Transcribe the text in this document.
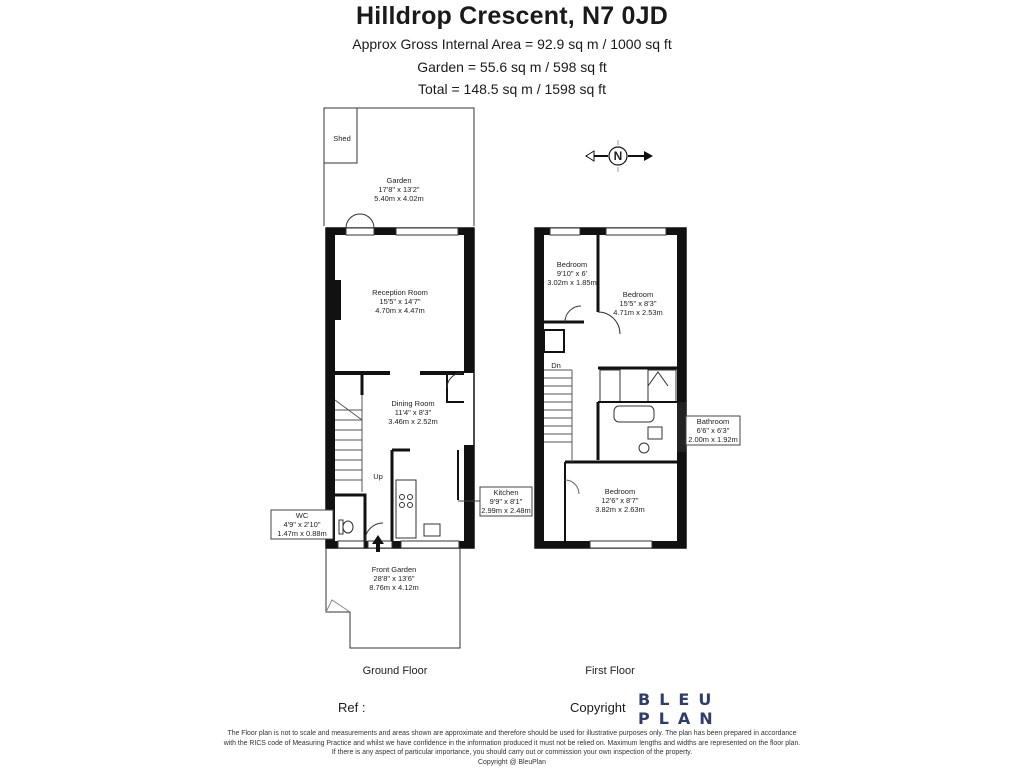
Hilldrop Crescent, N7 0JD
Approx Gross Internal Area = 92.9 sq m / 1000 sq ft
Garden = 55.6 sq m / 598 sq ft
Total = 148.5 sq m / 1598 sq ft
N
Shed
Garden
17'8" x 13'2"
5.40m x 4.02m
Reception Room
15'5" x 14'7"
4.70m x 4.47m
Dining Room
11'4" x 8'3"
3.46m x 2.52m
Up
Kitchen
9'9" x 8'1"
2.99m x 2.48m
WC
4'9" x 2'10"
1.47m x 0.88m
Front Garden
28'8" x 13'6"
8.76m x 4.12m
Ground Floor
Bedroom
9'10" x 6'
3.02m x 1.85m
Bedroom
15'5" x 8'3"
4.71m x 2.53m
Dn
Bathroom
6'6" x 6'3"
2.00m x 1.92m
Bedroom
12'6" x 8'7"
3.82m x 2.63m
First Floor
Ref :	Copyright BLEU
PLAN
The Floor plan is not to scale and measurements and areas shown are approximate and therefore should be used for illustrative purposes only. The plan has been prepared in accordance
with the RICS code of Measuring Practice and whilst we have confidence in the information produced it must not be relied on. Maximum lengths and widths are represented on the floor plan.
If there is any aspect of particular importance, you should carry out or commission your own inspection of the property.
Copyright @ BleuPlan
